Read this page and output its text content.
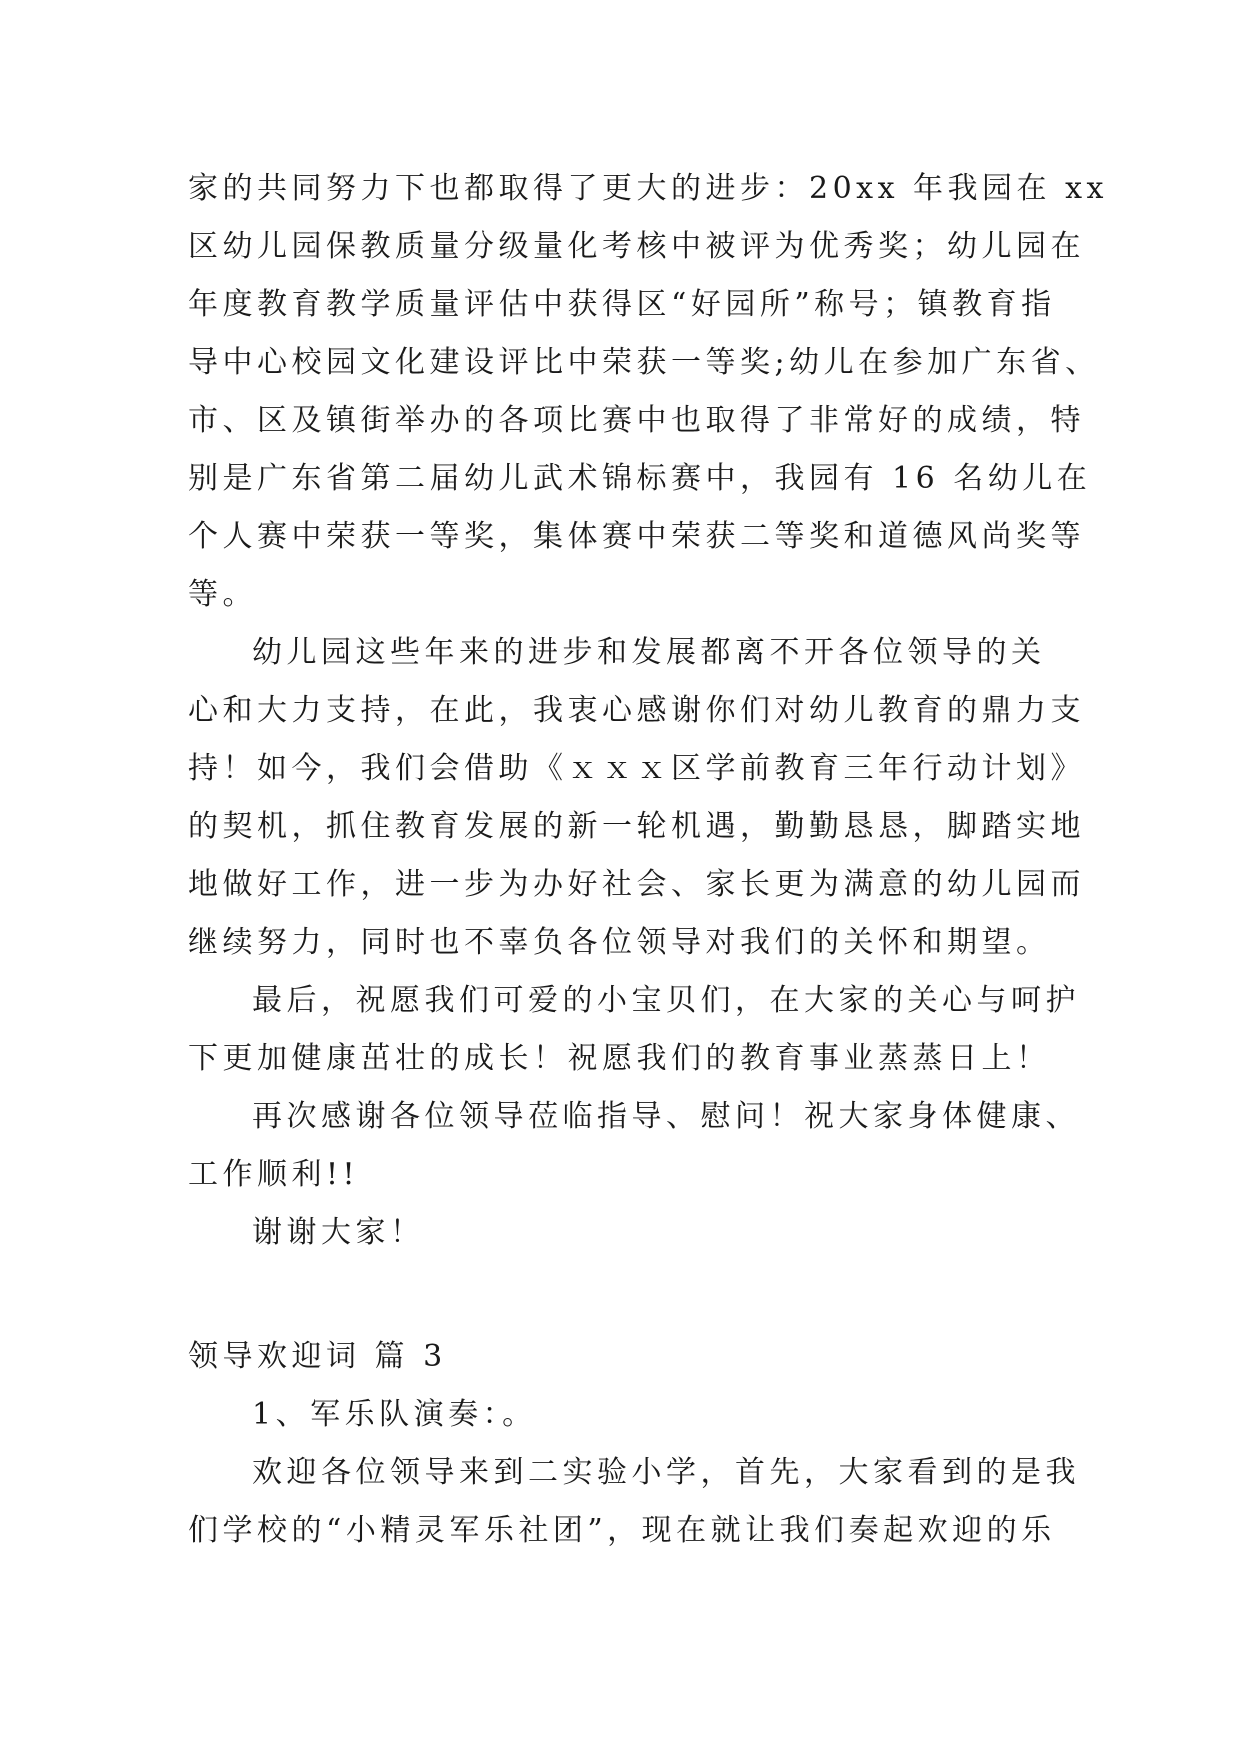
家的共同努力下也都取得了更大的进步：20xx 年我园在 xx
区幼儿园保教质量分级量化考核中被评为优秀奖；幼儿园在
年度教育教学质量评估中获得区“好园所”称号；镇教育指
导中心校园文化建设评比中荣获一等奖;幼儿在参加广东省、
市、区及镇街举办的各项比赛中也取得了非常好的成绩，特
别是广东省第二届幼儿武术锦标赛中，我园有 16 名幼儿在
个人赛中荣获一等奖，集体赛中荣获二等奖和道德风尚奖等
等。
幼儿园这些年来的进步和发展都离不开各位领导的关
心和大力支持，在此，我衷心感谢你们对幼儿教育的鼎力支
持！如今，我们会借助《ｘｘｘ区学前教育三年行动计划》
的契机，抓住教育发展的新一轮机遇，勤勤恳恳，脚踏实地
地做好工作，进一步为办好社会、家长更为满意的幼儿园而
继续努力，同时也不辜负各位领导对我们的关怀和期望。
最后，祝愿我们可爱的小宝贝们，在大家的关心与呵护
下更加健康茁壮的成长！祝愿我们的教育事业蒸蒸日上！
再次感谢各位领导莅临指导、慰问！祝大家身体健康、
工作顺利!!
谢谢大家！
领导欢迎词 篇 3
1、军乐队演奏：。
欢迎各位领导来到二实验小学，首先，大家看到的是我
们学校的“小精灵军乐社团”，现在就让我们奏起欢迎的乐
